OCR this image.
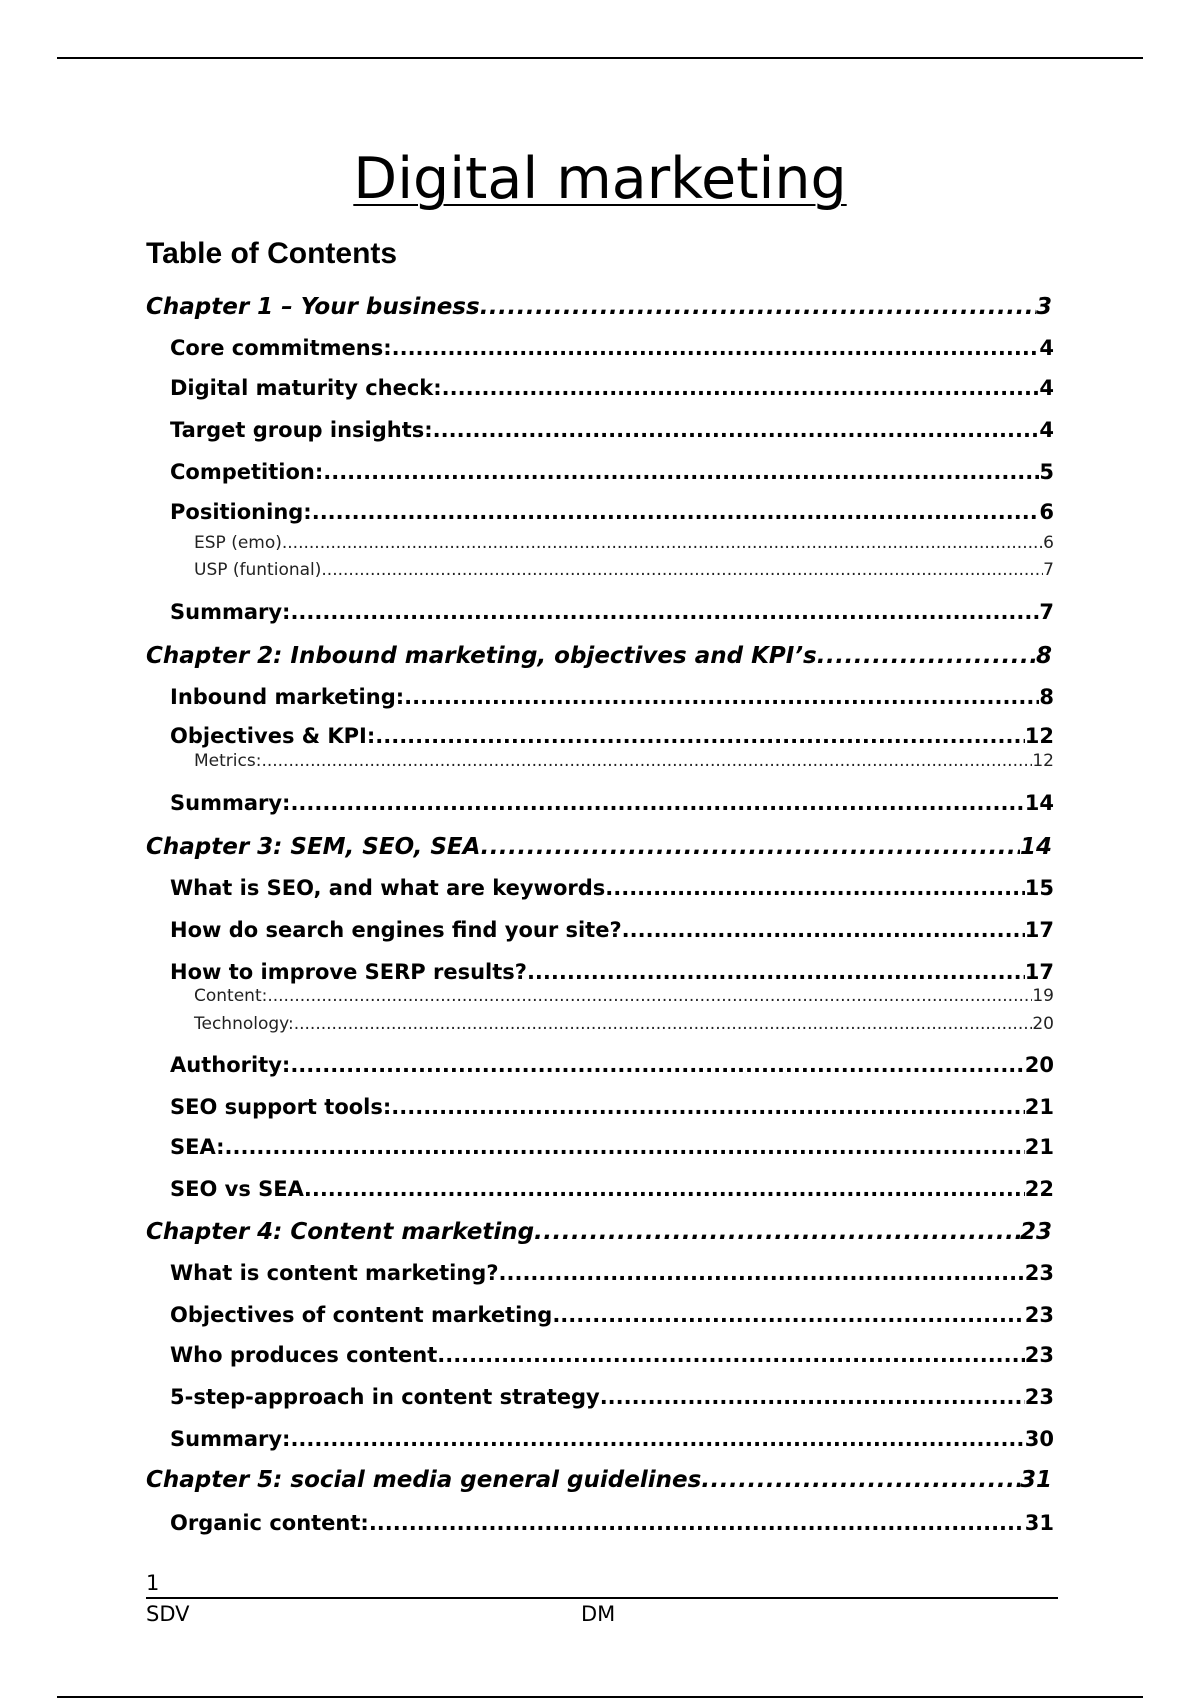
Digital marketing
Table of Contents
Chapter 1 – Your business .....	3
Core commitmens: .....	4
Digital maturity check: .....	4
Target group insights: .....	4
Competition: .....	5
Positioning: .....	6
ESP (emo) .....	6
USP (funtional) .....	7
Summary: .....	7
Chapter 2: Inbound marketing, objectives and KPI’s .....	8
Inbound marketing: .....	8
Objectives & KPI: .....	12
Metrics: .....	12
Summary: .....	14
Chapter 3: SEM, SEO, SEA .....	14
What is SEO, and what are keywords .....	15
How do search engines find your site? .....	17
How to improve SERP results? .....	17
Content: .....	19
Technology: .....	20
Authority: .....	20
SEO support tools: .....	21
SEA: .....	21
SEO vs SEA .....	22
Chapter 4: Content marketing .....	23
What is content marketing? .....	23
Objectives of content marketing .....	23
Who produces content .....	23
5-step-approach in content strategy .....	23
Summary: .....	30
Chapter 5: social media general guidelines .....	31
Organic content: .....	31
1
SDV	DM
